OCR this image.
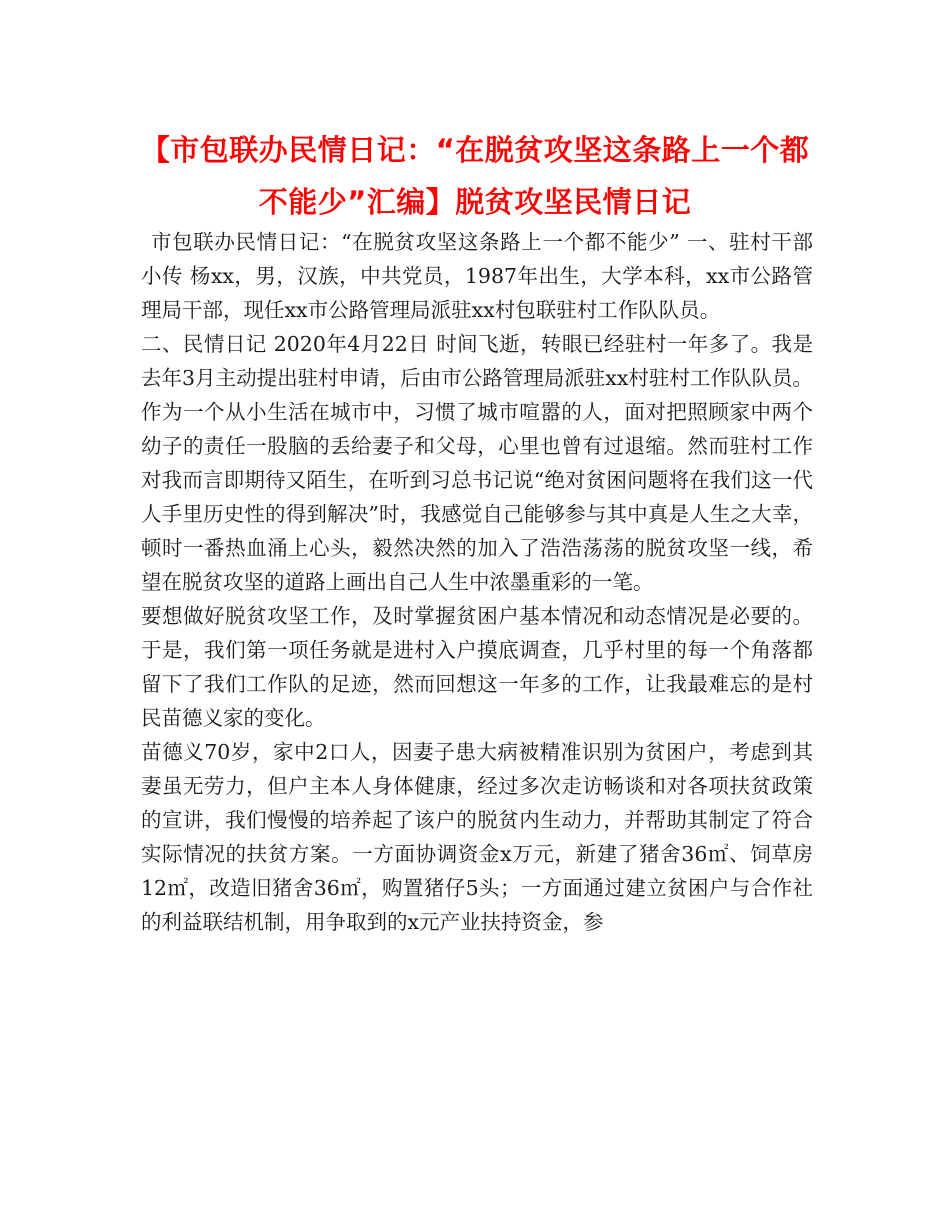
【市包联办民情日记：“在脱贫攻坚这条路上一个都不能少”汇编】脱贫攻坚民情日记

市包联办民情日记：“在脱贫攻坚这条路上一个都不能少” 一、驻村干部小传 杨xx，男，汉族，中共党员，1987年出生，大学本科，xx市公路管理局干部，现任xx市公路管理局派驻xx村包联驻村工作队队员。

二、民情日记 2020年4月22日 时间飞逝，转眼已经驻村一年多了。我是去年3月主动提出驻村申请，后由市公路管理局派驻xx村驻村工作队队员。作为一个从小生活在城市中，习惯了城市喧嚣的人，面对把照顾家中两个幼子的责任一股脑的丢给妻子和父母，心里也曾有过退缩。然而驻村工作对我而言即期待又陌生，在听到习总书记说“绝对贫困问题将在我们这一代人手里历史性的得到解决”时，我感觉自己能够参与其中真是人生之大幸，顿时一番热血涌上心头，毅然决然的加入了浩浩荡荡的脱贫攻坚一线，希望在脱贫攻坚的道路上画出自己人生中浓墨重彩的一笔。

要想做好脱贫攻坚工作，及时掌握贫困户基本情况和动态情况是必要的。于是，我们第一项任务就是进村入户摸底调查，几乎村里的每一个角落都留下了我们工作队的足迹，然而回想这一年多的工作，让我最难忘的是村民苗德义家的变化。

苗德义70岁，家中2口人，因妻子患大病被精准识别为贫困户，考虑到其妻虽无劳力，但户主本人身体健康，经过多次走访畅谈和对各项扶贫政策的宣讲，我们慢慢的培养起了该户的脱贫内生动力，并帮助其制定了符合实际情况的扶贫方案。一方面协调资金x万元，新建了猪舍36㎡、饲草房12㎡，改造旧猪舍36㎡，购置猪仔5头；一方面通过建立贫困户与合作社的利益联结机制，用争取到的x元产业扶持资金，参
